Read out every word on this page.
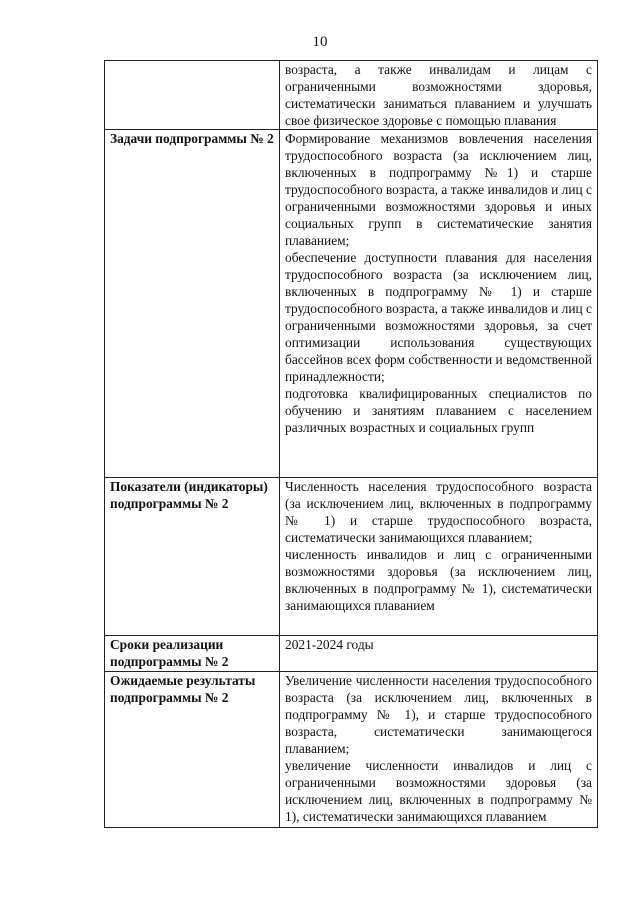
10

	возраста, а также инвалидам и лицам с ограниченными возможностями здоровья, систематически заниматься плаванием и улучшать свое физическое здоровье с помощью плавания

Задачи подпрограммы № 2	Формирование механизмов вовлечения населения трудоспособного возраста (за исключением лиц, включенных в подпрограмму №1) и старше трудоспособного возраста, а также инвалидов и лиц с ограниченными возможностями здоровья и иных социальных групп в систематические занятия плаванием;
обеспечение доступности плавания для населения трудоспособного возраста (за исключением лиц, включенных в подпрограмму № 1) и старше трудоспособного возраста, а также инвалидов и лиц с ограниченными возможностями здоровья, за счет оптимизации использования существующих бассейнов всех форм собственности и ведомственной принадлежности;
подготовка квалифицированных специалистов по обучению и занятиям плаванием с населением различных возрастных и социальных групп

Показатели (индикаторы) подпрограммы № 2	Численность населения трудоспособного возраста (за исключением лиц, включенных в подпрограмму № 1) и старше трудоспособного возраста, систематически занимающихся плаванием;
численность инвалидов и лиц с ограниченными возможностями здоровья (за исключением лиц, включенных в подпрограмму № 1), систематически занимающихся плаванием

Сроки реализации подпрограммы № 2	2021-2024 годы

Ожидаемые результаты подпрограммы № 2	Увеличение численности населения трудоспособного возраста (за исключением лиц, включенных в подпрограмму № 1), и старше трудоспособного возраста, систематически занимающегося плаванием;
увеличение численности инвалидов и лиц с ограниченными возможностями здоровья (за исключением лиц, включенных в подпрограмму № 1), систематически занимающихся плаванием
